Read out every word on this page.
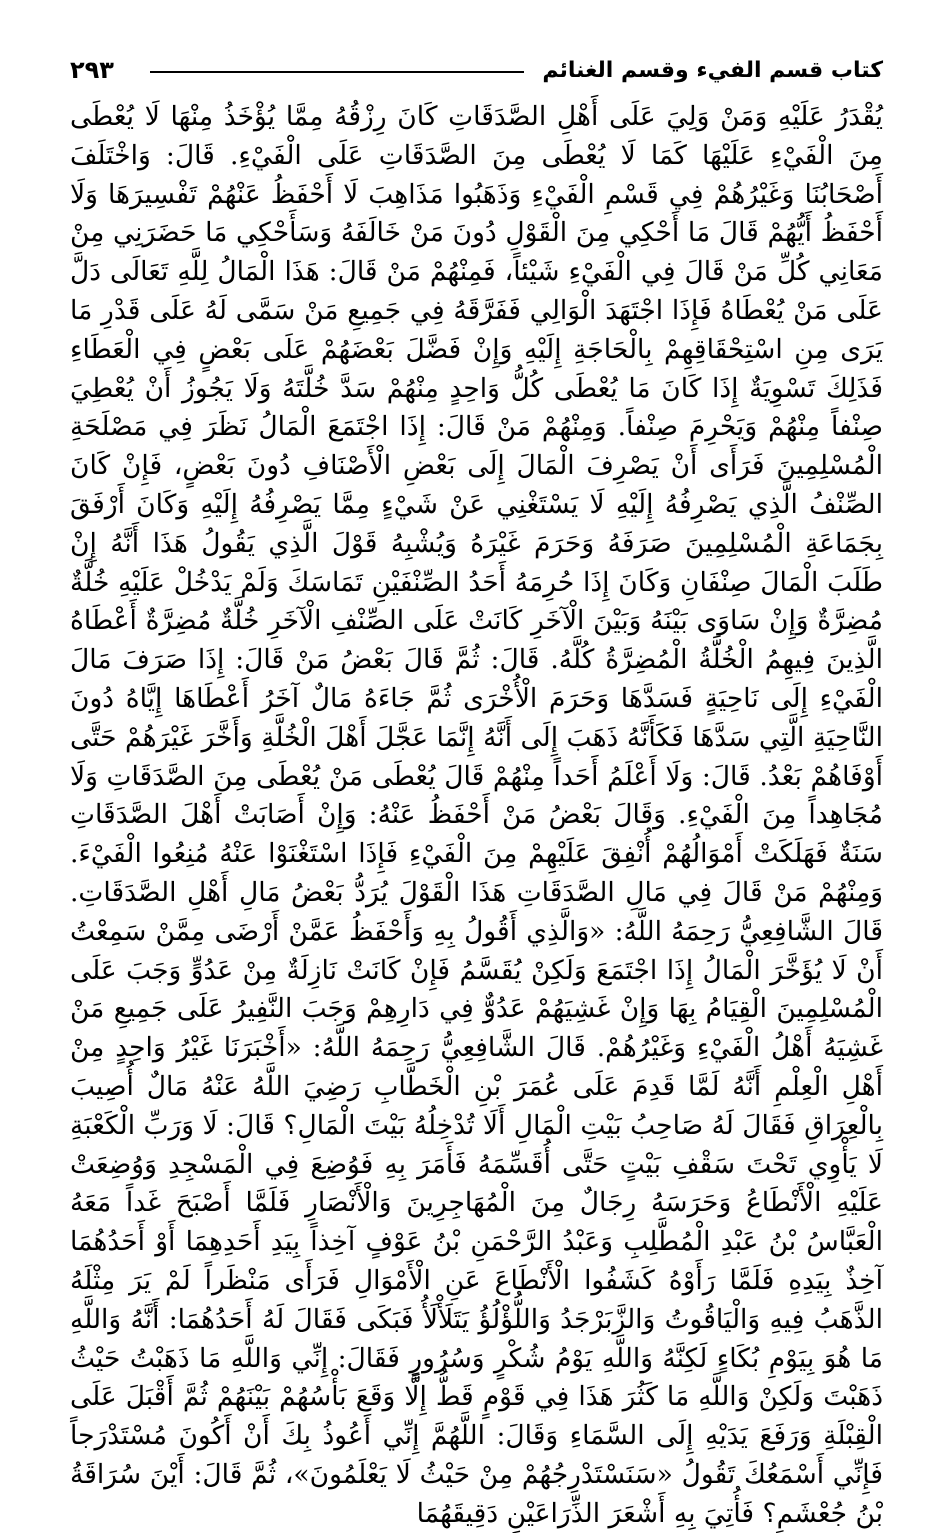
كتاب قسم الفيء وقسم الغنائم
٢٩٣

يُقْدَرُ عَلَيْهِ وَمَنْ وَلِيَ عَلَى أَهْلِ الصَّدَقَاتِ كَانَ رِزْقُهُ مِمَّا يُؤْخَذُ مِنْهَا لَا يُعْطَى مِنَ الْفَيْءِ عَلَيْهَا كَمَا لَا يُعْطَى مِنَ الصَّدَقَاتِ عَلَى الْفَيْءِ. قَالَ: وَاخْتَلَفَ أَصْحَابُنَا وَغَيْرُهُمْ فِي قَسْمِ الْفَيْءِ وَذَهَبُوا مَذَاهِبَ لَا أَحْفَظُ عَنْهُمْ تَفْسِيرَهَا وَلَا أَحْفَظُ أَيُّهُمْ قَالَ مَا أَحْكِي مِنَ الْقَوْلِ دُونَ مَنْ خَالَفَهُ وَسَأَحْكِي مَا حَضَرَنِي مِنْ مَعَانِي كُلِّ مَنْ قَالَ فِي الْفَيْءِ شَيْئاً، فَمِنْهُمْ مَنْ قَالَ: هَذَا الْمَالُ لِلَّهِ تَعَالَى دَلَّ عَلَى مَنْ يُعْطَاهُ فَإِذَا اجْتَهَدَ الْوَالِي فَفَرَّقَهُ فِي جَمِيعِ مَنْ سَمَّى لَهُ عَلَى قَدْرِ مَا يَرَى مِنِ اسْتِحْقَاقِهِمْ بِالْحَاجَةِ إِلَيْهِ وَإِنْ فَضَّلَ بَعْضَهُمْ عَلَى بَعْضٍ فِي الْعَطَاءِ فَذَلِكَ تَسْوِيَةٌ إِذَا كَانَ مَا يُعْطَى كُلُّ وَاحِدٍ مِنْهُمْ سَدَّ خُلَّتَهُ وَلَا يَجُوزُ أَنْ يُعْطِيَ صِنْفاً مِنْهُمْ وَيَحْرِمَ صِنْفاً. وَمِنْهُمْ مَنْ قَالَ: إِذَا اجْتَمَعَ الْمَالُ نَظَرَ فِي مَصْلَحَةِ الْمُسْلِمِينَ فَرَأَى أَنْ يَصْرِفَ الْمَالَ إِلَى بَعْضِ الْأَصْنَافِ دُونَ بَعْضٍ، فَإِنْ كَانَ الصِّنْفُ الَّذِي يَصْرِفُهُ إِلَيْهِ لَا يَسْتَغْنِي عَنْ شَيْءٍ مِمَّا يَصْرِفُهُ إِلَيْهِ وَكَانَ أَرْفَقَ بِجَمَاعَةِ الْمُسْلِمِينَ صَرَفَهُ وَحَرَمَ غَيْرَهُ وَيُشْبِهُ قَوْلَ الَّذِي يَقُولُ هَذَا أَنَّهُ إِنْ طَلَبَ الْمَالَ صِنْفَانِ وَكَانَ إِذَا حُرِمَهُ أَحَدُ الصِّنْفَيْنِ تَمَاسَكَ وَلَمْ يَدْخُلْ عَلَيْهِ خُلَّةٌ مُضِرَّةٌ وَإِنْ سَاوَى بَيْنَهُ وَبَيْنَ الْآخَرِ كَانَتْ عَلَى الصِّنْفِ الْآخَرِ خُلَّةٌ مُضِرَّةٌ أَعْطَاهُ الَّذِينَ فِيهِمُ الْخُلَّةُ الْمُضِرَّةُ كُلَّهُ. قَالَ: ثُمَّ قَالَ بَعْضُ مَنْ قَالَ: إِذَا صَرَفَ مَالَ الْفَيْءِ إِلَى نَاحِيَةٍ فَسَدَّهَا وَحَرَمَ الْأُخْرَى ثُمَّ جَاءَهُ مَالٌ آخَرُ أَعْطَاهَا إِيَّاهُ دُونَ النَّاحِيَةِ الَّتِي سَدَّهَا فَكَأَنَّهُ ذَهَبَ إِلَى أَنَّهُ إِنَّمَا عَجَّلَ أَهْلَ الْخُلَّةِ وَأَخَّرَ غَيْرَهُمْ حَتَّى أَوْفَاهُمْ بَعْدُ. قَالَ: وَلَا أَعْلَمُ أَحَداً مِنْهُمْ قَالَ يُعْطَى مَنْ يُعْطَى مِنَ الصَّدَقَاتِ وَلَا مُجَاهِداً مِنَ الْفَيْءِ. وَقَالَ بَعْضُ مَنْ أَحْفَظُ عَنْهُ: وَإِنْ أَصَابَتْ أَهْلَ الصَّدَقَاتِ سَنَةٌ فَهَلَكَتْ أَمْوَالُهُمْ أُنْفِقَ عَلَيْهِمْ مِنَ الْفَيْءِ فَإِذَا اسْتَغْنَوْا عَنْهُ مُنِعُوا الْفَيْءَ. وَمِنْهُمْ مَنْ قَالَ فِي مَالِ الصَّدَقَاتِ هَذَا الْقَوْلَ يُرَدُّ بَعْضُ مَالِ أَهْلِ الصَّدَقَاتِ. قَالَ الشَّافِعِيُّ رَحِمَهُ اللَّهُ: «وَالَّذِي أَقُولُ بِهِ وَأَحْفَظُ عَمَّنْ أَرْضَى مِمَّنْ سَمِعْتُ أَنْ لَا يُؤَخَّرَ الْمَالُ إِذَا اجْتَمَعَ وَلَكِنْ يُقَسَّمُ فَإِنْ كَانَتْ نَازِلَةٌ مِنْ عَدُوٍّ وَجَبَ عَلَى الْمُسْلِمِينَ الْقِيَامُ بِهَا وَإِنْ غَشِيَهُمْ عَدُوٌّ فِي دَارِهِمْ وَجَبَ النَّفِيرُ عَلَى جَمِيعِ مَنْ غَشِيَهُ أَهْلُ الْفَيْءِ وَغَيْرُهُمْ. قَالَ الشَّافِعِيُّ رَحِمَهُ اللَّهُ: «أَخْبَرَنَا غَيْرُ وَاحِدٍ مِنْ أَهْلِ الْعِلْمِ أَنَّهُ لَمَّا قَدِمَ عَلَى عُمَرَ بْنِ الْخَطَّابِ رَضِيَ اللَّهُ عَنْهُ مَالٌ أُصِيبَ بِالْعِرَاقِ فَقَالَ لَهُ صَاحِبُ بَيْتِ الْمَالِ أَلَا تُدْخِلُهُ بَيْتَ الْمَالِ؟ قَالَ: لَا وَرَبِّ الْكَعْبَةِ لَا يَأْوِي تَحْتَ سَقْفِ بَيْتٍ حَتَّى أُقَسِّمَهُ فَأَمَرَ بِهِ فَوُضِعَ فِي الْمَسْجِدِ وَوُضِعَتْ عَلَيْهِ الْأَنْطَاعُ وَحَرَسَهُ رِجَالٌ مِنَ الْمُهَاجِرِينَ وَالْأَنْصَارِ فَلَمَّا أَصْبَحَ غَداً مَعَهُ الْعَبَّاسُ بْنُ عَبْدِ الْمُطَّلِبِ وَعَبْدُ الرَّحْمَنِ بْنُ عَوْفٍ آخِذاً بِيَدِ أَحَدِهِمَا أَوْ أَحَدُهُمَا آخِذٌ بِيَدِهِ فَلَمَّا رَأَوْهُ كَشَفُوا الْأَنْطَاعَ عَنِ الْأَمْوَالِ فَرَأَى مَنْظَراً لَمْ يَرَ مِثْلَهُ الذَّهَبُ فِيهِ وَالْيَاقُوتُ وَالزَّبَرْجَدُ وَاللُّؤْلُؤُ يَتَلَأْلَأُ فَبَكَى فَقَالَ لَهُ أَحَدُهُمَا: أَنَّهُ وَاللَّهِ مَا هُوَ بِيَوْمِ بُكَاءٍ لَكِنَّهُ وَاللَّهِ يَوْمُ شُكْرٍ وَسُرُورٍ فَقَالَ: إِنِّي وَاللَّهِ مَا ذَهَبْتُ حَيْثُ ذَهَبْتَ وَلَكِنْ وَاللَّهِ مَا كَثُرَ هَذَا فِي قَوْمٍ قَطُّ إِلَّا وَقَعَ بَأْسُهُمْ بَيْنَهُمْ ثُمَّ أَقْبَلَ عَلَى الْقِبْلَةِ وَرَفَعَ يَدَيْهِ إِلَى السَّمَاءِ وَقَالَ: اللَّهُمَّ إِنِّي أَعُوذُ بِكَ أَنْ أَكُونَ مُسْتَدْرَجاً فَإِنِّي أَسْمَعُكَ تَقُولُ «سَنَسْتَدْرِجُهُمْ مِنْ حَيْثُ لَا يَعْلَمُونَ»، ثُمَّ قَالَ: أَيْنَ سُرَاقَةُ بْنُ جُعْشَمٍ؟ فَأُتِيَ بِهِ أَشْعَرَ الذِّرَاعَيْنِ دَقِيقَهُمَا
